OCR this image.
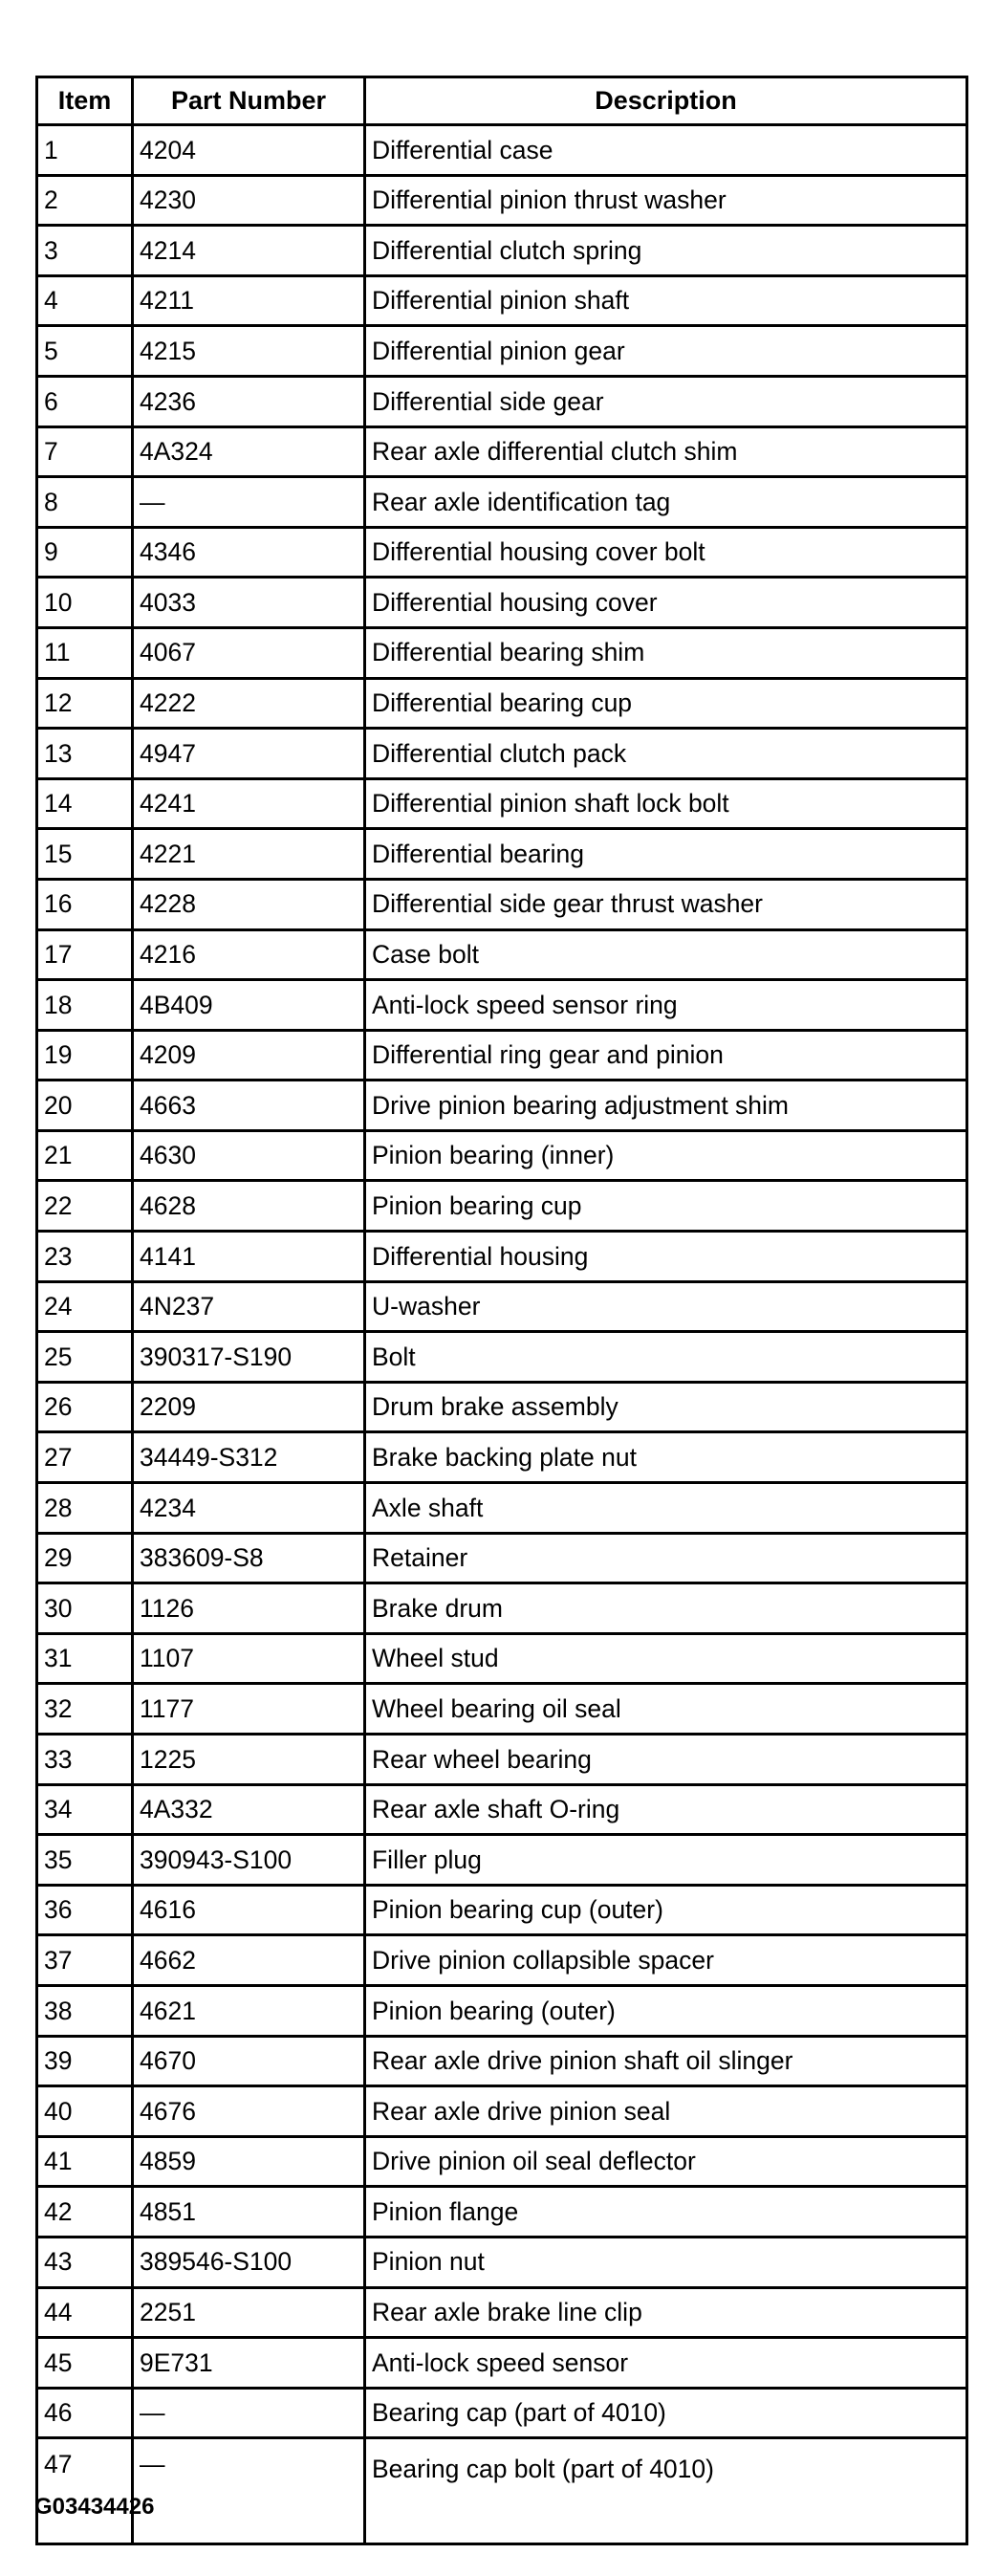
Item	Part Number	Description
1	4204	Differential case
2	4230	Differential pinion thrust washer
3	4214	Differential clutch spring
4	4211	Differential pinion shaft
5	4215	Differential pinion gear
6	4236	Differential side gear
7	4A324	Rear axle differential clutch shim
8	—	Rear axle identification tag
9	4346	Differential housing cover bolt
10	4033	Differential housing cover
11	4067	Differential bearing shim
12	4222	Differential bearing cup
13	4947	Differential clutch pack
14	4241	Differential pinion shaft lock bolt
15	4221	Differential bearing
16	4228	Differential side gear thrust washer
17	4216	Case bolt
18	4B409	Anti-lock speed sensor ring
19	4209	Differential ring gear and pinion
20	4663	Drive pinion bearing adjustment shim
21	4630	Pinion bearing (inner)
22	4628	Pinion bearing cup
23	4141	Differential housing
24	4N237	U-washer
25	390317-S190	Bolt
26	2209	Drum brake assembly
27	34449-S312	Brake backing plate nut
28	4234	Axle shaft
29	383609-S8	Retainer
30	1126	Brake drum
31	1107	Wheel stud
32	1177	Wheel bearing oil seal
33	1225	Rear wheel bearing
34	4A332	Rear axle shaft O-ring
35	390943-S100	Filler plug
36	4616	Pinion bearing cup (outer)
37	4662	Drive pinion collapsible spacer
38	4621	Pinion bearing (outer)
39	4670	Rear axle drive pinion shaft oil slinger
40	4676	Rear axle drive pinion seal
41	4859	Drive pinion oil seal deflector
42	4851	Pinion flange
43	389546-S100	Pinion nut
44	2251	Rear axle brake line clip
45	9E731	Anti-lock speed sensor
46	—	Bearing cap (part of 4010)
47	—	Bearing cap bolt (part of 4010)
G03434426
